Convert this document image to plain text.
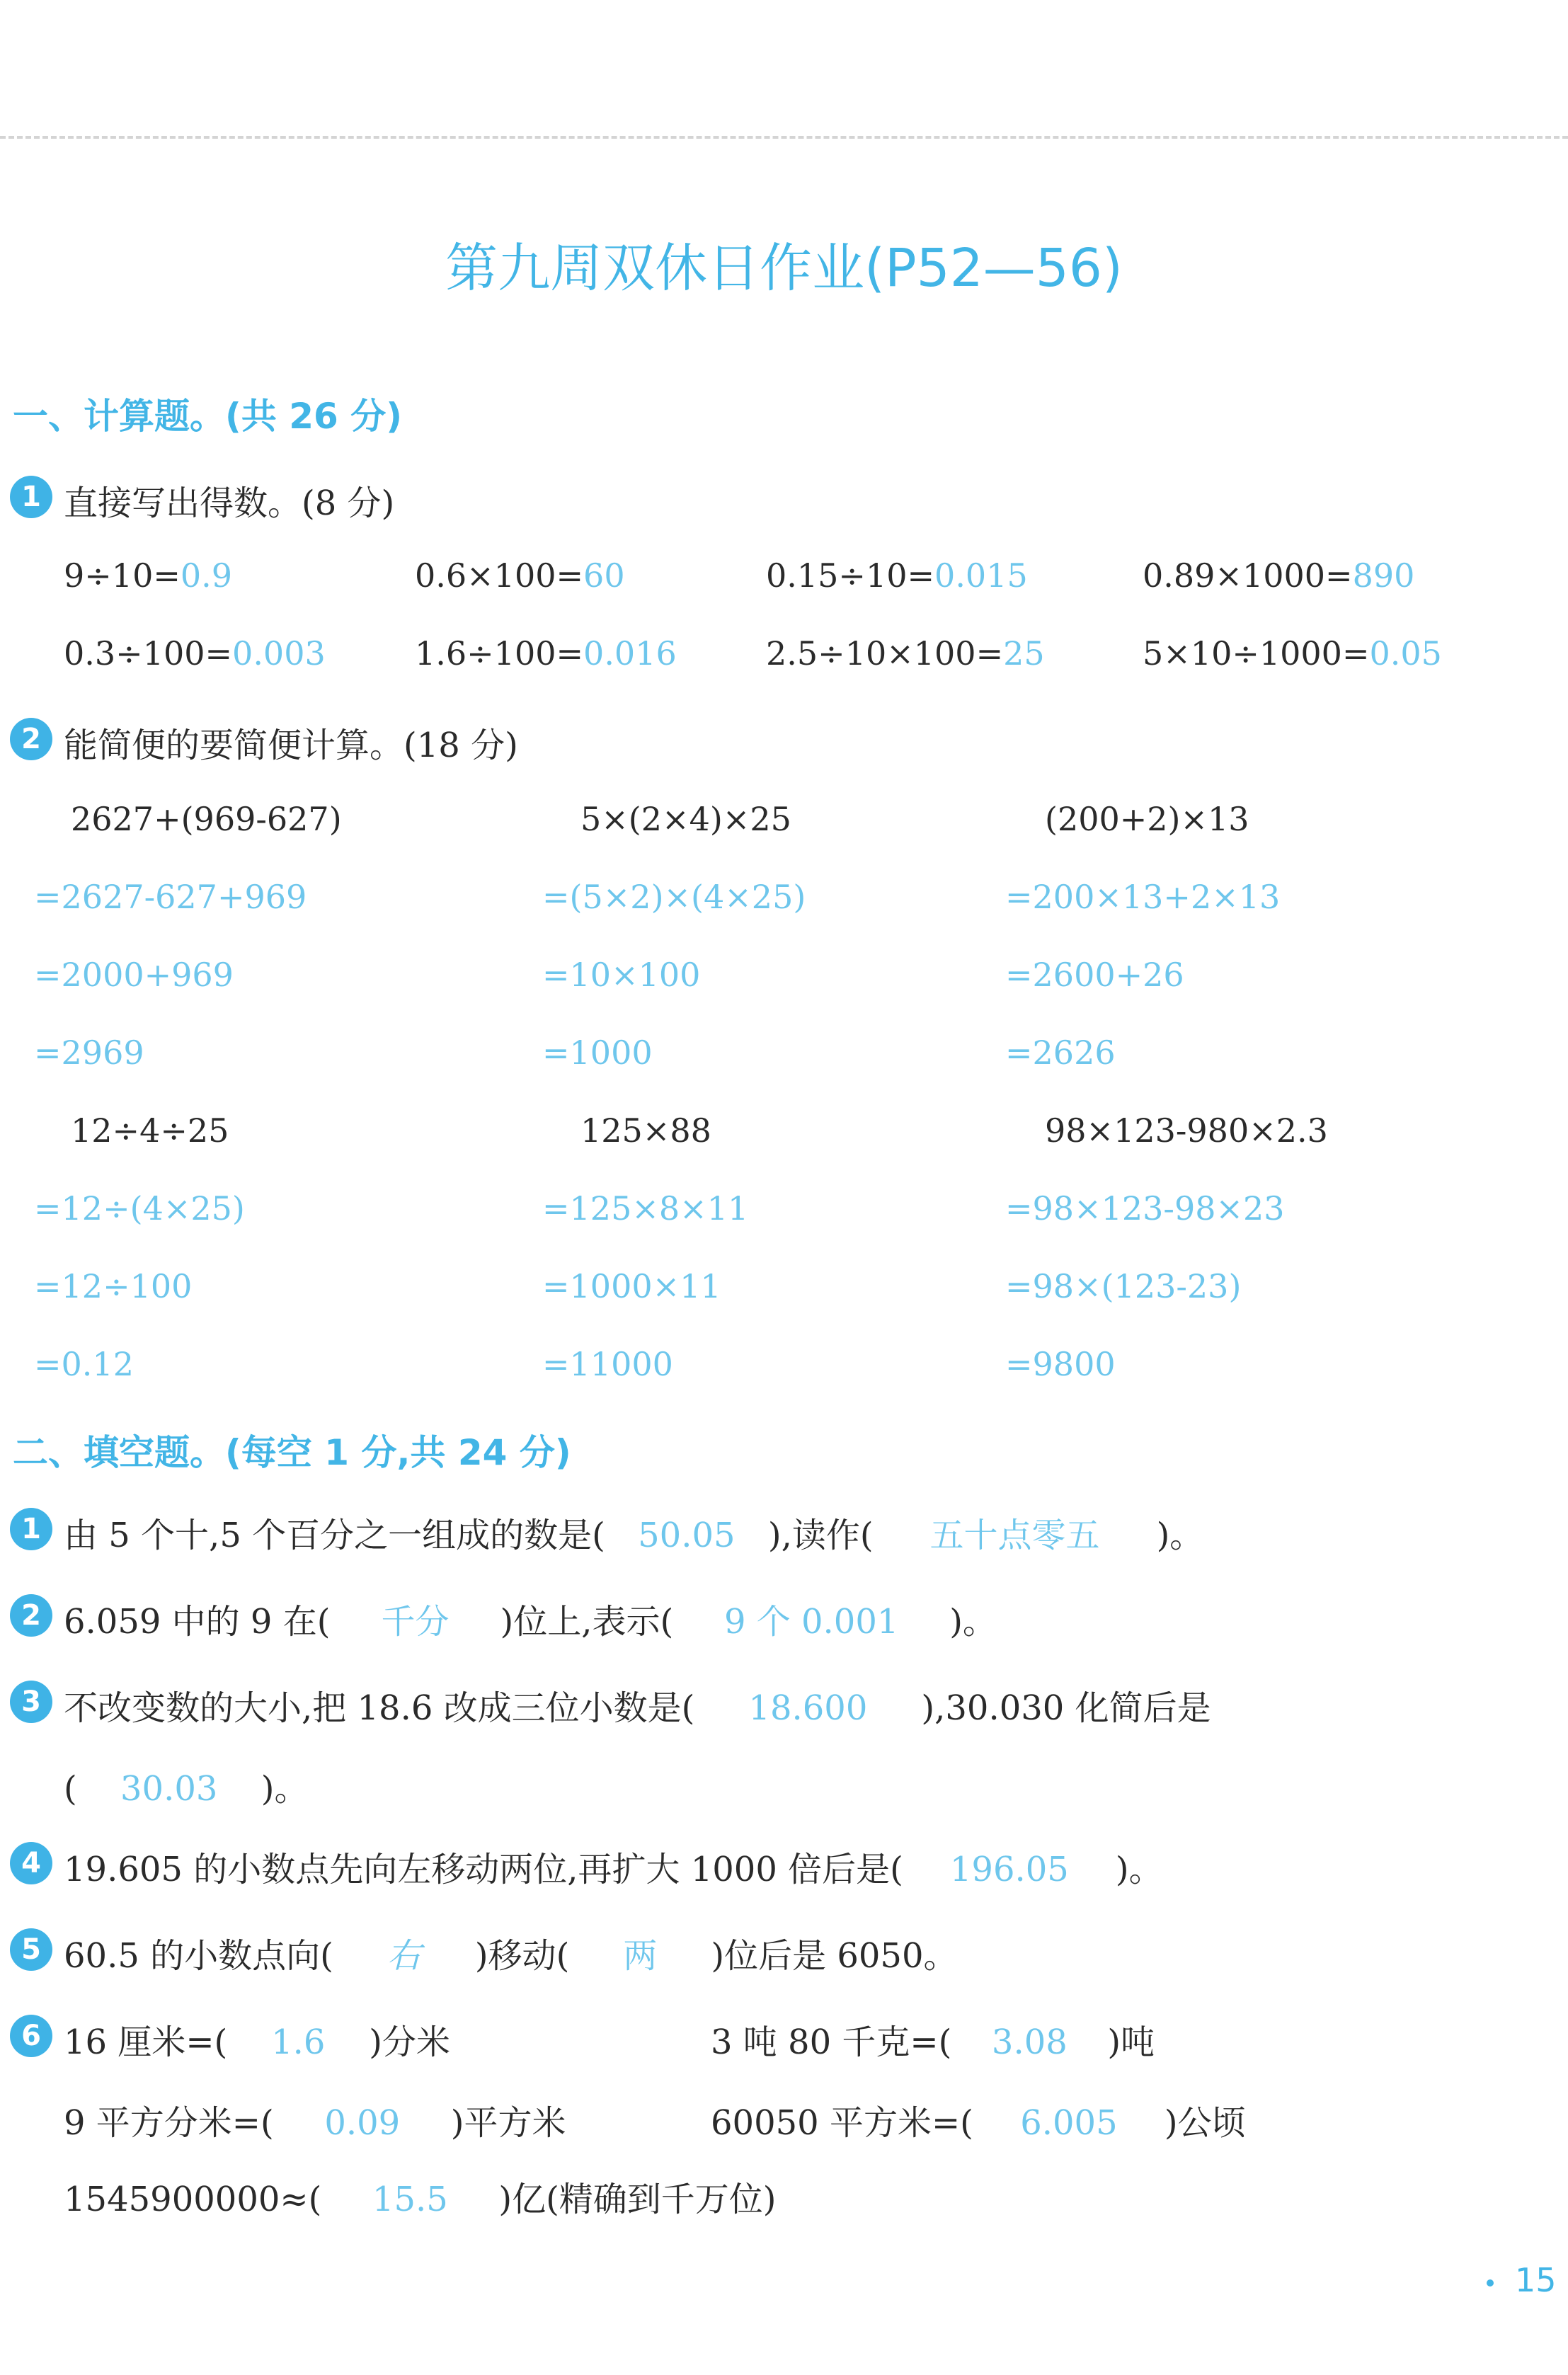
第九周双休日作业(P52—56)
一、计算题。(共 26 分)
1 直接写出得数。(8 分)
9÷10=0.9	0.6×100=60	0.15÷10=0.015	0.89×1000=890
0.3÷100=0.003	1.6÷100=0.016	2.5÷10×100=25	5×10÷1000=0.05
2 能简便的要简便计算。(18 分)
2627+(969-627)
=2627-627+969
=2000+969
=2969
5×(2×4)×25
=(5×2)×(4×25)
=10×100
=1000
(200+2)×13
=200×13+2×13
=2600+26
=2626
12÷4÷25
=12÷(4×25)
=12÷100
=0.12
125×88
=125×8×11
=1000×11
=11000
98×123-980×2.3
=98×123-98×23
=98×(123-23)
=9800
二、填空题。(每空 1 分,共 24 分)
1 由 5 个十,5 个百分之一组成的数是( 50.05 ),读作( 五十点零五 )。
2 6.059 中的 9 在( 千分 )位上,表示( 9 个 0.001 )。
3 不改变数的大小,把 18.6 改成三位小数是( 18.600 ),30.030 化简后是
( 30.03 )。
4 19.605 的小数点先向左移动两位,再扩大 1000 倍后是( 196.05 )。
5 60.5 的小数点向( 右 )移动( 两 )位后是 6050。
6 16 厘米=( 1.6 )分米	3 吨 80 千克=( 3.08 )吨
9 平方分米=( 0.09 )平方米	60050 平方米=( 6.005 )公顷
1545900000≈( 15.5 )亿(精确到千万位)
15
